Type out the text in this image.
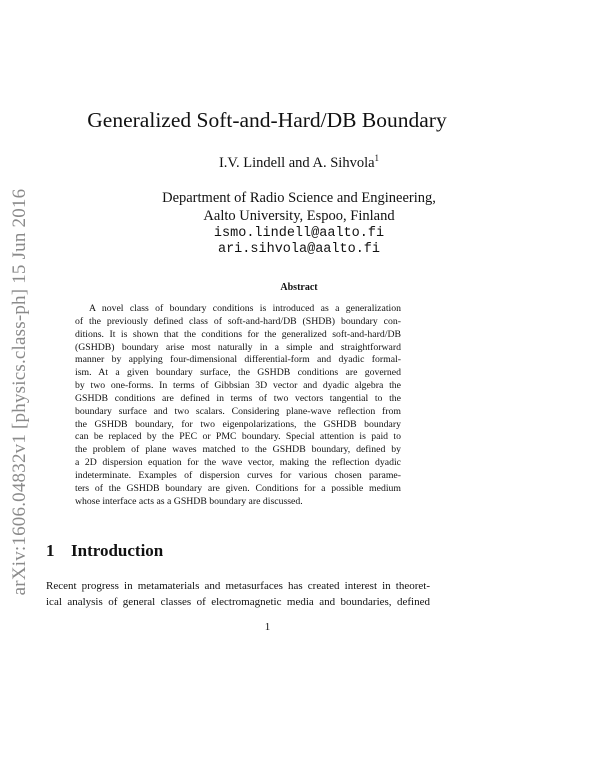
arXiv:1606.04832v1 [physics.class-ph] 15 Jun 2016
Generalized Soft-and-Hard/DB Boundary
I.V. Lindell and A. Sihvola$^1$
Department of Radio Science and Engineering,
Aalto University, Espoo, Finland
ismo.lindell@aalto.fi
ari.sihvola@aalto.fi
Abstract
A novel class of boundary conditions is introduced as a generalization
of the previously defined class of soft-and-hard/DB (SHDB) boundary con-
ditions. It is shown that the conditions for the generalized soft-and-hard/DB
(GSHDB) boundary arise most naturally in a simple and straightforward
manner by applying four-dimensional differential-form and dyadic formal-
ism. At a given boundary surface, the GSHDB conditions are governed
by two one-forms. In terms of Gibbsian 3D vector and dyadic algebra the
GSHDB conditions are defined in terms of two vectors tangential to the
boundary surface and two scalars. Considering plane-wave reflection from
the GSHDB boundary, for two eigenpolarizations, the GSHDB boundary
can be replaced by the PEC or PMC boundary. Special attention is paid to
the problem of plane waves matched to the GSHDB boundary, defined by
a 2D dispersion equation for the wave vector, making the reflection dyadic
indeterminate. Examples of dispersion curves for various chosen parame-
ters of the GSHDB boundary are given. Conditions for a possible medium
whose interface acts as a GSHDB boundary are discussed.
1 Introduction
Recent progress in metamaterials and metasurfaces has created interest in theoret-
ical analysis of general classes of electromagnetic media and boundaries, defined
1
